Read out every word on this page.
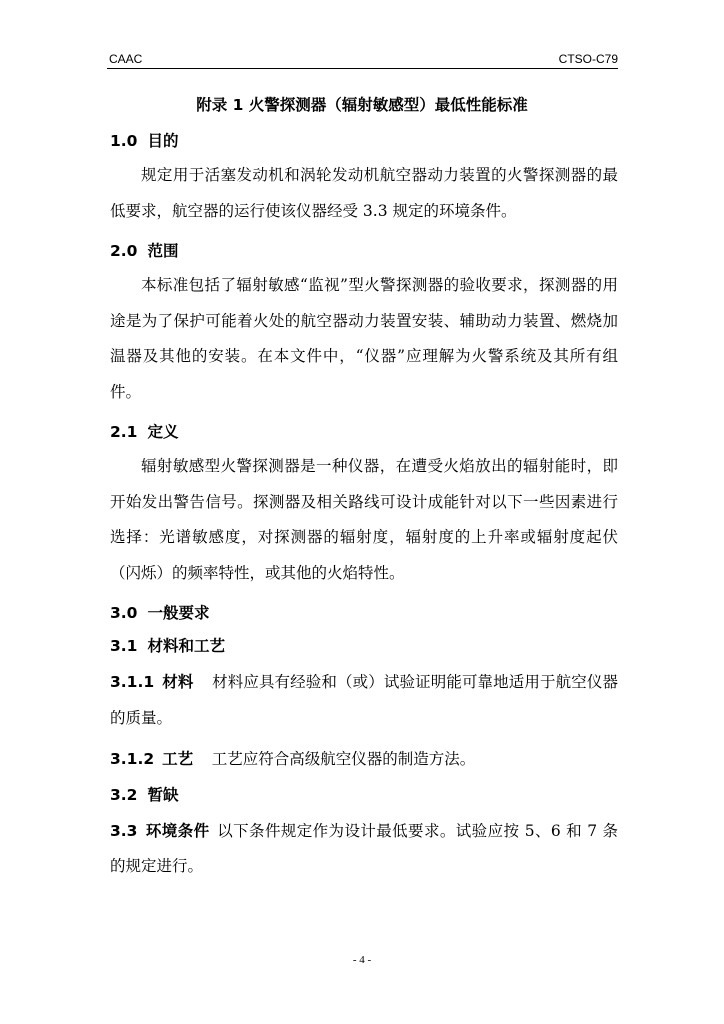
CAAC	CTSO-C79
附录 1 火警探测器（辐射敏感型）最低性能标准

1.0 目的

规定用于活塞发动机和涡轮发动机航空器动力装置的火警探测器的最低要求，航空器的运行使该仪器经受 3.3 规定的环境条件。

2.0 范围

本标准包括了辐射敏感“监视”型火警探测器的验收要求，探测器的用途是为了保护可能着火处的航空器动力装置安装、辅助动力装置、燃烧加温器及其他的安装。在本文件中，“仪器”应理解为火警系统及其所有组件。

2.1 定义

辐射敏感型火警探测器是一种仪器，在遭受火焰放出的辐射能时，即开始发出警告信号。探测器及相关路线可设计成能针对以下一些因素进行选择：光谱敏感度，对探测器的辐射度，辐射度的上升率或辐射度起伏（闪烁）的频率特性，或其他的火焰特性。

3.0 一般要求

3.1 材料和工艺

3.1.1 材料 材料应具有经验和（或）试验证明能可靠地适用于航空仪器的质量。

3.1.2 工艺 工艺应符合高级航空仪器的制造方法。

3.2 暂缺

3.3 环境条件 以下条件规定作为设计最低要求。试验应按 5、6 和 7 条的规定进行。

- 4 -
